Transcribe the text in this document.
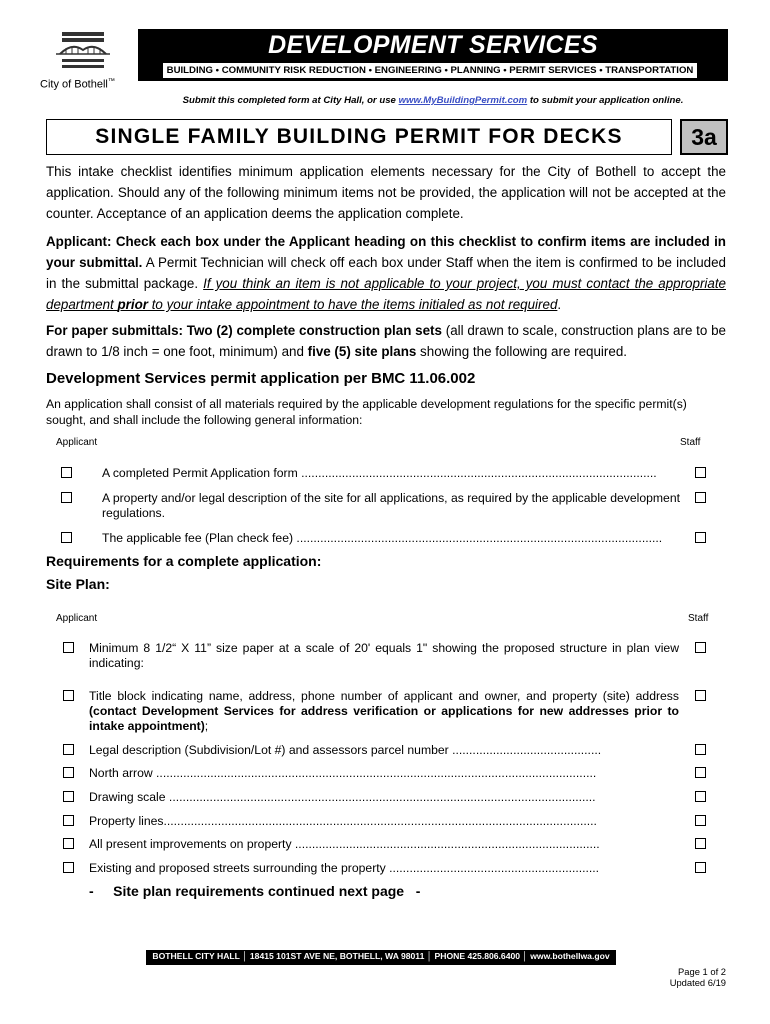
City of Bothell™
DEVELOPMENT SERVICES
BUILDING • COMMUNITY RISK REDUCTION • ENGINEERING • PLANNING • PERMIT SERVICES • TRANSPORTATION
Submit this completed form at City Hall, or use www.MyBuildingPermit.com to submit your application online.
SINGLE FAMILY BUILDING PERMIT FOR DECKS	3a
This intake checklist identifies minimum application elements necessary for the City of Bothell to accept the application. Should any of the following minimum items not be provided, the application will not be accepted at the counter. Acceptance of an application deems the application complete.
Applicant: Check each box under the Applicant heading on this checklist to confirm items are included in your submittal. A Permit Technician will check off each box under Staff when the item is confirmed to be included in the submittal package. If you think an item is not applicable to your project, you must contact the appropriate department prior to your intake appointment to have the items initialed as not required.
For paper submittals: Two (2) complete construction plan sets (all drawn to scale, construction plans are to be drawn to 1/8 inch = one foot, minimum) and five (5) site plans showing the following are required.
Development Services permit application per BMC 11.06.002
An application shall consist of all materials required by the applicable development regulations for the specific permit(s) sought, and shall include the following general information:
Applicant	Staff
A completed Permit Application form .........................................................................................................
A property and/or legal description of the site for all applications, as required by the applicable development regulations.
The applicable fee (Plan check fee) ............................................................................................................
Requirements for a complete application:
Site Plan:
Applicant	Staff
Minimum 8 1/2“ X 11” size paper at a scale of 20' equals 1" showing the proposed structure in plan view indicating:
Title block indicating name, address, phone number of applicant and owner, and property (site) address (contact Development Services for address verification or applications for new addresses prior to intake appointment);
Legal description (Subdivision/Lot #) and assessors parcel number ............................................
North arrow ..................................................................................................................................
Drawing scale ..............................................................................................................................
Property lines................................................................................................................................
All present improvements on property ..........................................................................................
Existing and proposed streets surrounding the property ..............................................................
- Site plan requirements continued next page -
BOTHELL CITY HALL │ 18415 101ST AVE NE, BOTHELL, WA 98011 │ PHONE 425.806.6400 │ www.bothellwa.gov
Page 1 of 2
Updated 6/19
